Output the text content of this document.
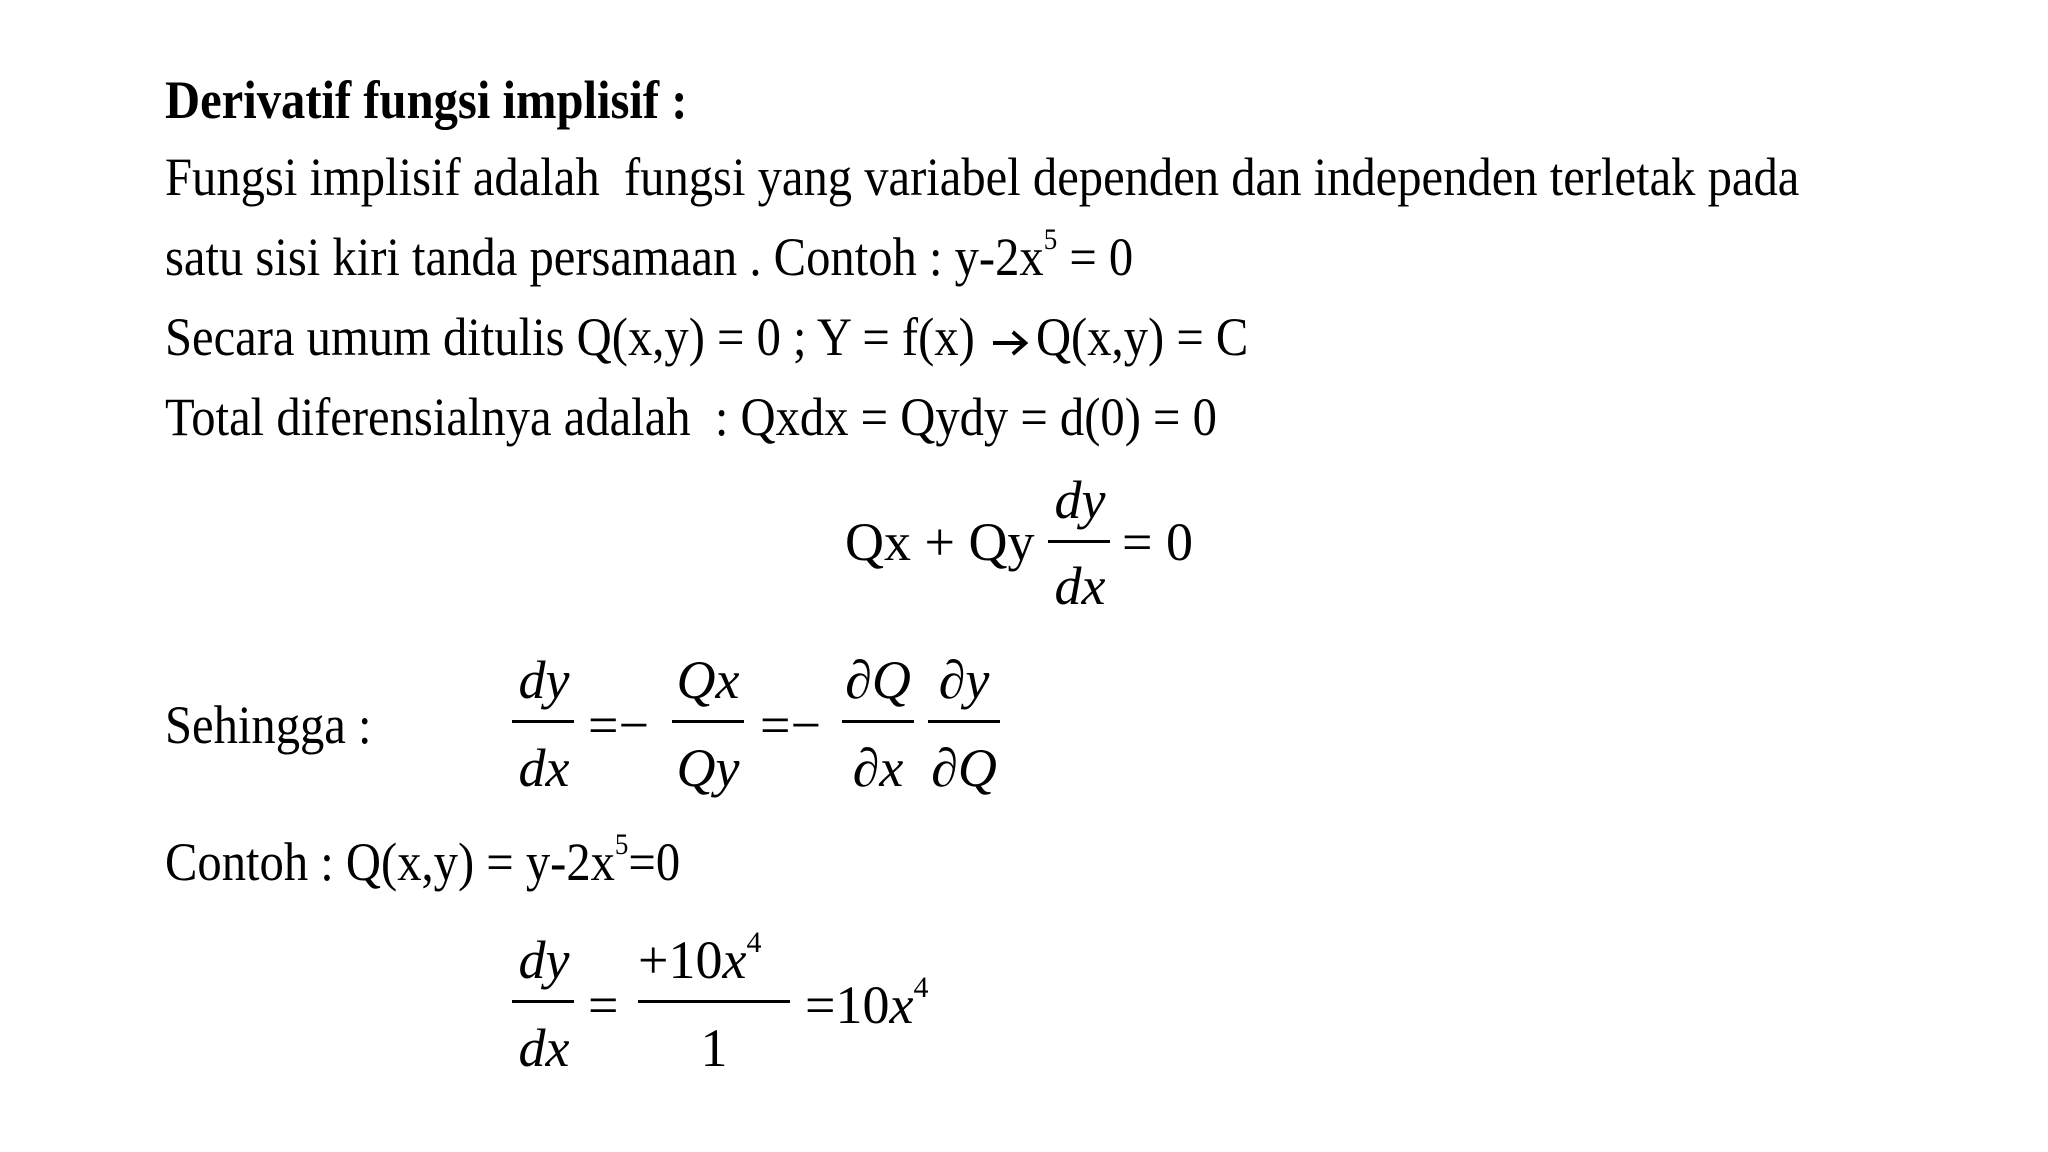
Derivatif fungsi implisif :
Fungsi implisif adalah  fungsi yang variabel dependen dan independen terletak pada
satu sisi kiri tanda persamaan . Contoh : $y-2x^5 = 0$
Secara umum ditulis Q(x,y) = 0 ; Y = f(x) Q(x,y) = C
Total diferensialnya adalah  : Qxdx = Qydy = d(0) = 0
Qx + Qy
dy
dx
= 0
Sehingga :
dy
dx
=−
Qx
Qy
=−
∂Q
∂x
∂y
∂Q
Contoh : $Q(x,y) = y-2x^5=0$
dy
dx
=
$+10x^4$
1
$=10x^4$
